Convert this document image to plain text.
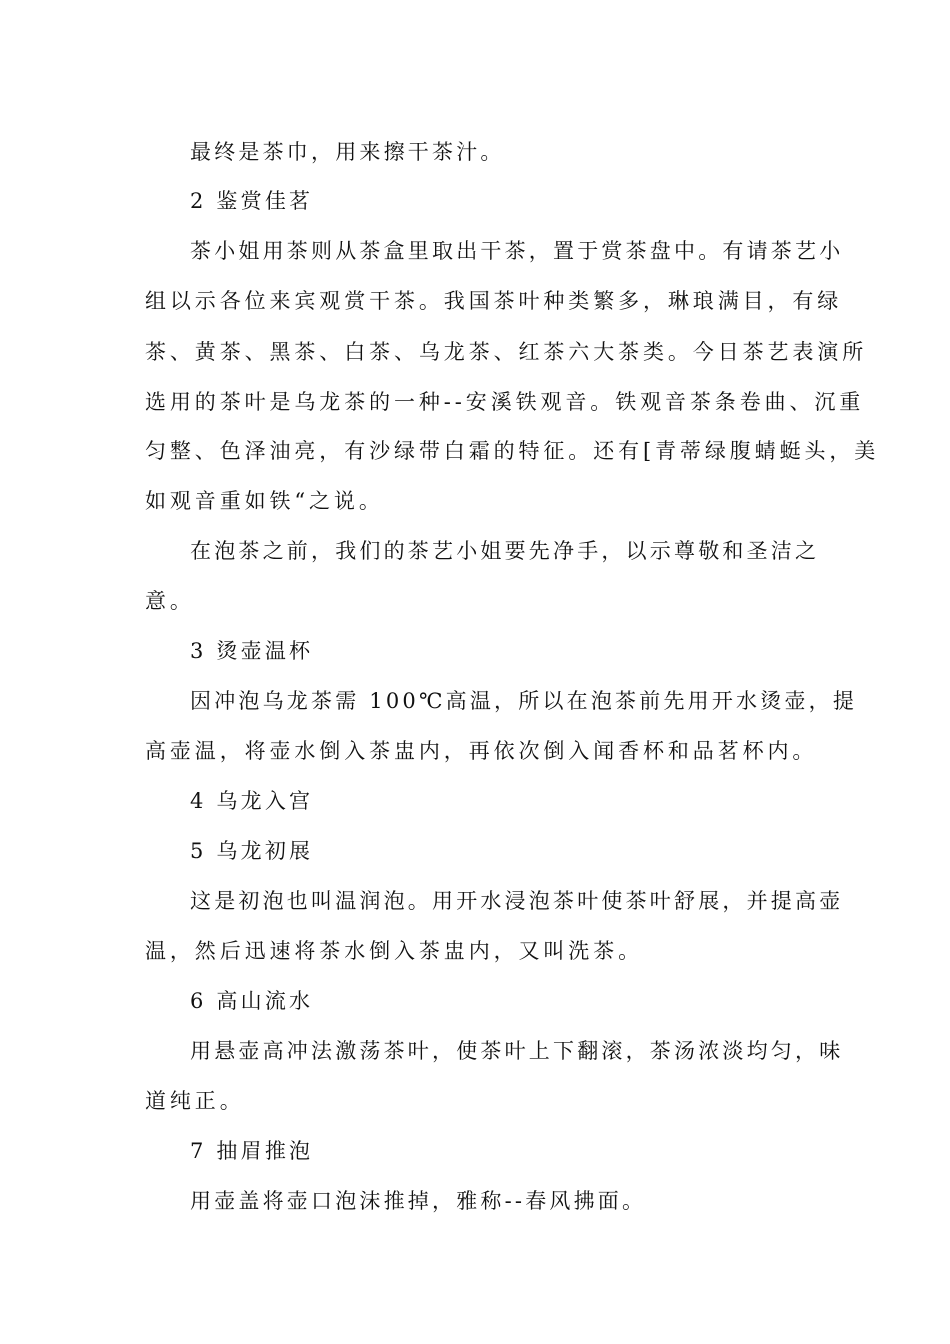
最终是茶巾，用来擦干茶汁。
2 鉴赏佳茗
茶小姐用茶则从茶盒里取出干茶，置于赏茶盘中。有请茶艺小
组以示各位来宾观赏干茶。我国茶叶种类繁多，琳琅满目，有绿
茶、黄茶、黑茶、白茶、乌龙茶、红茶六大茶类。今日茶艺表演所
选用的茶叶是乌龙茶的一种--安溪铁观音。铁观音茶条卷曲、沉重
匀整、色泽油亮，有沙绿带白霜的特征。还有[青蒂绿腹蜻蜓头，美
如观音重如铁“之说。
在泡茶之前，我们的茶艺小姐要先净手，以示尊敬和圣洁之
意。
3 烫壶温杯
因冲泡乌龙茶需 100℃高温，所以在泡茶前先用开水烫壶，提
高壶温，将壶水倒入茶盅内，再依次倒入闻香杯和品茗杯内。
4 乌龙入宫
5 乌龙初展
这是初泡也叫温润泡。用开水浸泡茶叶使茶叶舒展，并提高壶
温，然后迅速将茶水倒入茶盅内，又叫洗茶。
6 高山流水
用悬壶高冲法激荡茶叶，使茶叶上下翻滚，茶汤浓淡均匀，味
道纯正。
7 抽眉推泡
用壶盖将壶口泡沫推掉，雅称--春风拂面。
